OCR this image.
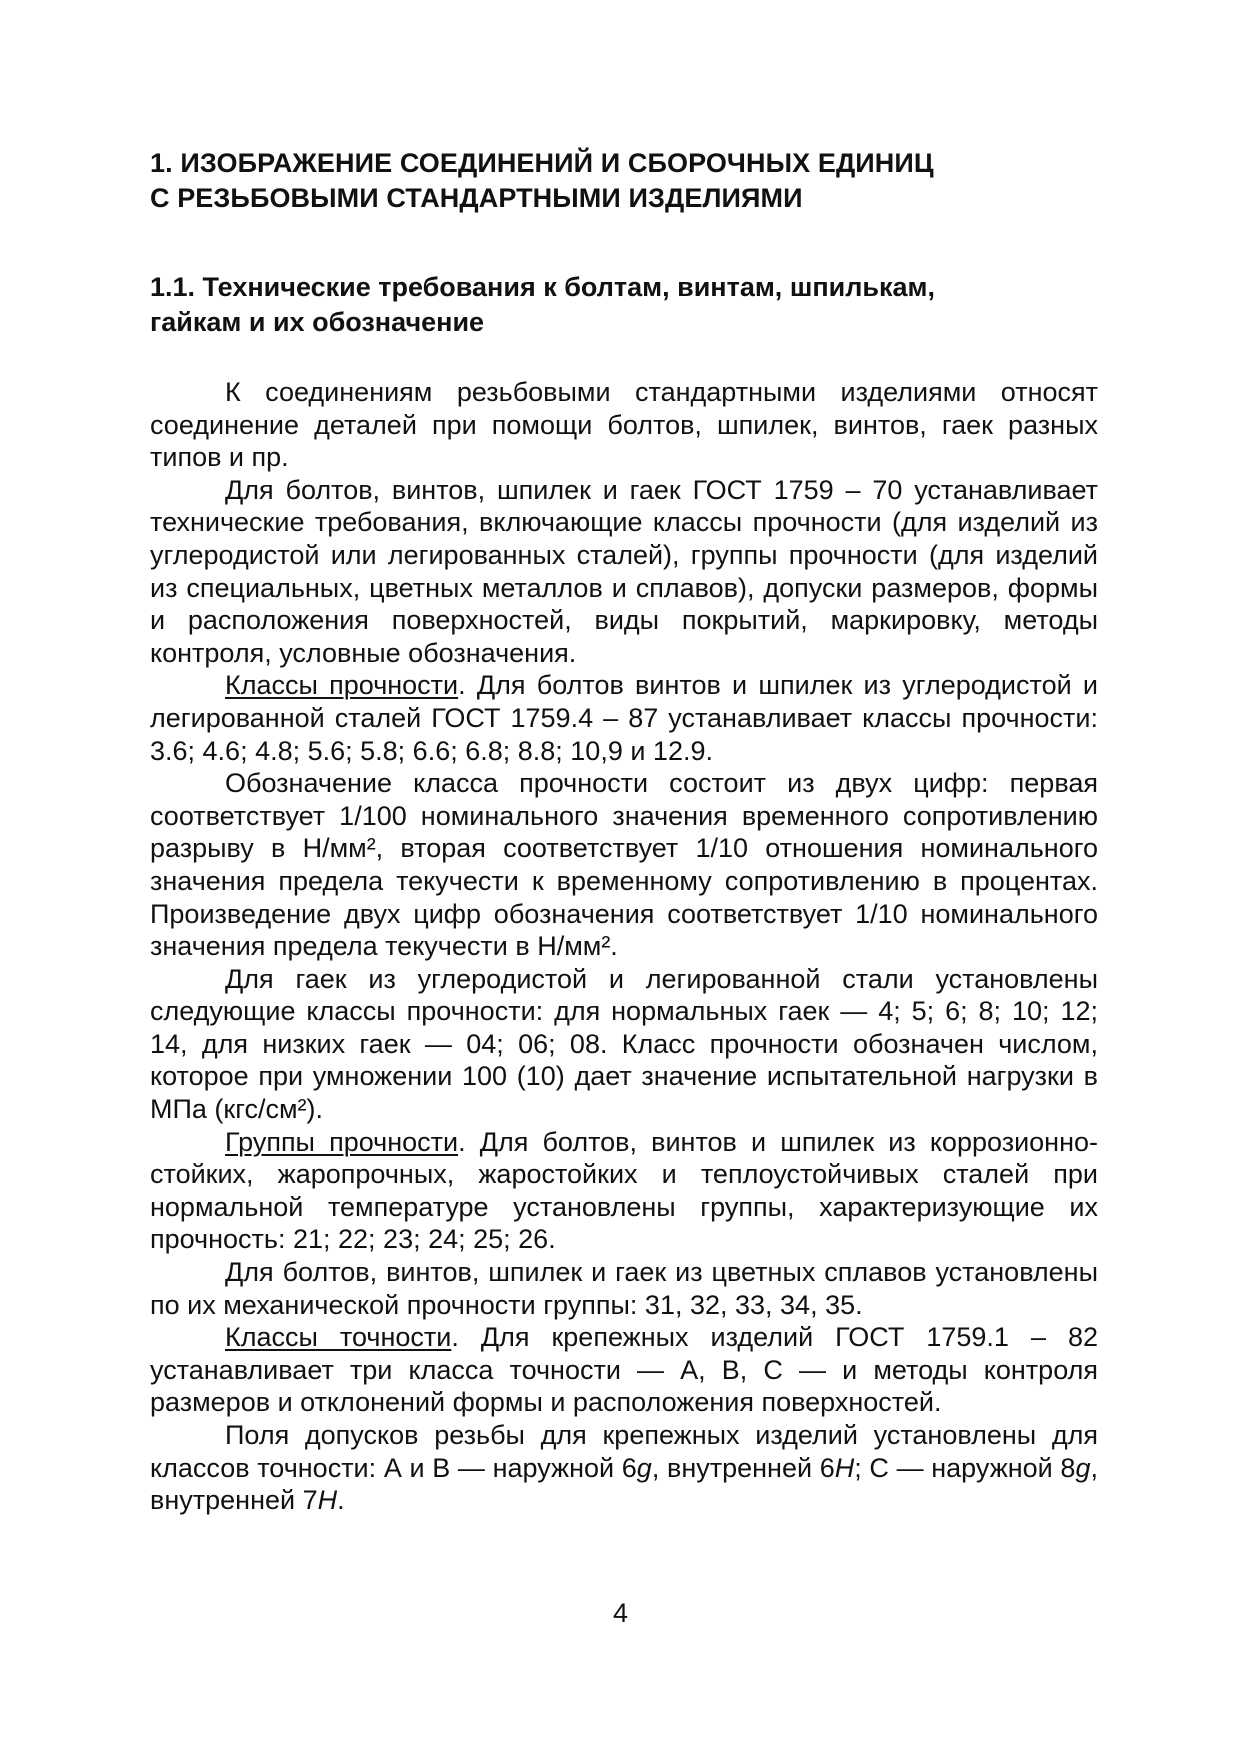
1. ИЗОБРАЖЕНИЕ СОЕДИНЕНИЙ И СБОРОЧНЫХ ЕДИНИЦ
С РЕЗЬБОВЫМИ СТАНДАРТНЫМИ ИЗДЕЛИЯМИ
1.1. Технические требования к болтам, винтам, шпилькам,
гайкам и их обозначение

К соединениям резьбовыми стандартными изделиями относят соединение деталей при помощи болтов, шпилек, винтов, гаек разных типов и пр.

Для болтов, винтов, шпилек и гаек ГОСТ 1759 – 70 устанавливает технические требования, включающие классы прочности (для изделий из углеродистой или легированных сталей), группы прочности (для изделий из специальных, цветных металлов и сплавов), допуски размеров, формы и расположения поверхностей, виды покрытий, маркировку, методы контроля, условные обозначения.

Классы прочности. Для болтов винтов и шпилек из углеродистой и легированной сталей ГОСТ 1759.4 – 87 устанавливает классы прочности: 3.6; 4.6; 4.8; 5.6; 5.8; 6.6; 6.8; 8.8; 10,9 и 12.9.

Обозначение класса прочности состоит из двух цифр: первая соответствует 1/100 номинального значения временного сопротивлению разрыву в Н/мм², вторая соответствует 1/10 отношения номинального значения предела текучести к временному сопротивлению в процентах. Произведение двух цифр обозначения соответствует 1/10 номинального значения предела текучести в Н/мм².

Для гаек из углеродистой и легированной стали установлены следующие классы прочности: для нормальных гаек — 4; 5; 6; 8; 10; 12; 14, для низких гаек — 04; 06; 08. Класс прочности обозначен числом, которое при умножении 100 (10) дает значение испытательной нагрузки в МПа (кгс/см²).

Группы прочности. Для болтов, винтов и шпилек из коррозионно-стойких, жаропрочных, жаростойких и теплоустойчивых сталей при нормальной температуре установлены группы, характеризующие их прочность: 21; 22; 23; 24; 25; 26.

Для болтов, винтов, шпилек и гаек из цветных сплавов установлены по их механической прочности группы: 31, 32, 33, 34, 35.

Классы точности. Для крепежных изделий ГОСТ 1759.1 – 82 устанавливает три класса точности — А, В, С — и методы контроля размеров и отклонений формы и расположения поверхностей.

Поля допусков резьбы для крепежных изделий установлены для классов точности: А и В — наружной 6g, внутренней 6H; С — наружной 8g, внутренней 7H.

4
